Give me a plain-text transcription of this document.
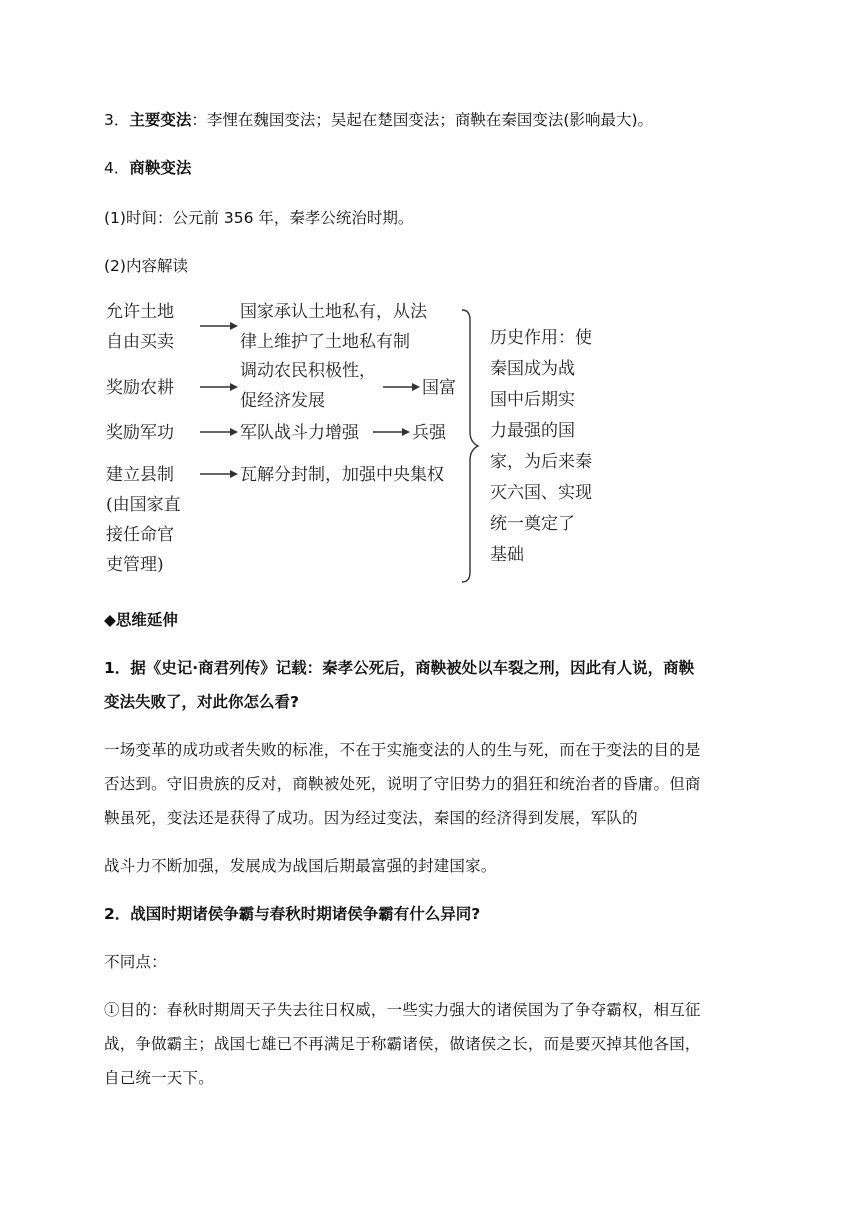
3．主要变法：李悝在魏国变法；吴起在楚国变法；商鞅在秦国变法(影响最大)。
4．商鞅变法
(1)时间：公元前 356 年，秦孝公统治时期。
(2)内容解读
允许土地
自由买卖
奖励农耕
奖励军功
建立县制
(由国家直
接任命官
吏管理)
国家承认土地私有，从法
律上维护了土地私有制
调动农民积极性，
促经济发展
军队战斗力增强
瓦解分封制，加强中央集权
国富
兵强
历史作用：使
秦国成为战
国中后期实
力最强的国
家，为后来秦
灭六国、实现
统一奠定了
基础
◆思维延伸
1．据《史记·商君列传》记载：秦孝公死后，商鞅被处以车裂之刑，因此有人说，商鞅
变法失败了，对此你怎么看?
一场变革的成功或者失败的标准，不在于实施变法的人的生与死，而在于变法的目的是
否达到。守旧贵族的反对，商鞅被处死，说明了守旧势力的猖狂和统治者的昏庸。但商
鞅虽死，变法还是获得了成功。因为经过变法，秦国的经济得到发展，军队的
战斗力不断加强，发展成为战国后期最富强的封建国家。
2．战国时期诸侯争霸与春秋时期诸侯争霸有什么异同?
不同点：
①目的：春秋时期周天子失去往日权威，一些实力强大的诸侯国为了争夺霸权，相互征
战，争做霸主；战国七雄已不再满足于称霸诸侯，做诸侯之长，而是要灭掉其他各国，
自己统一天下。
